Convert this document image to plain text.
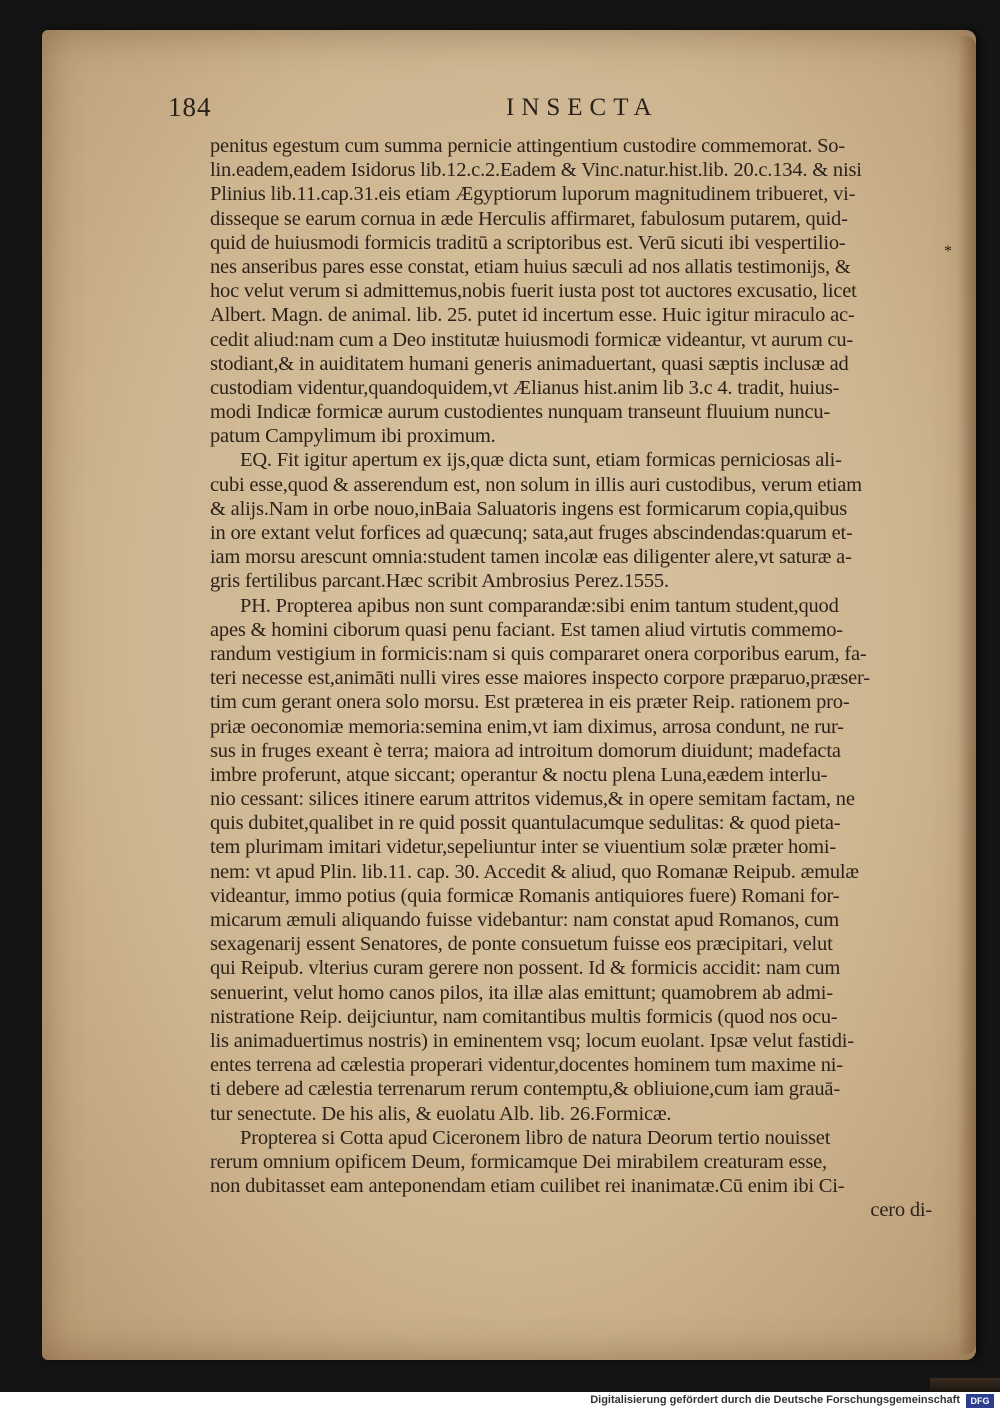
184	INSECTA
*
penitus egestum cum summa pernicie attingentium custodire commemorat. So-
lin.eadem,eadem Isidorus lib.12.c.2.Eadem & Vinc.natur.hist.lib. 20.c.134. & nisi
Plinius lib.11.cap.31.eis etiam Ægyptiorum luporum magnitudinem tribueret, vi-
disseque se earum cornua in æde Herculis affirmaret, fabulosum putarem, quid-
quid de huiusmodi formicis traditū a scriptoribus est. Verū sicuti ibi vespertilio-
nes anseribus pares esse constat, etiam huius sæculi ad nos allatis testimonijs, &
hoc velut verum si admittemus,nobis fuerit iusta post tot auctores excusatio, licet
Albert. Magn. de animal. lib. 25. putet id incertum esse. Huic igitur miraculo ac-
cedit aliud:nam cum a Deo institutæ huiusmodi formicæ videantur, vt aurum cu-
stodiant,& in auiditatem humani generis animaduertant, quasi sæptis inclusæ ad
custodiam videntur,quandoquidem,vt Ælianus hist.anim lib 3.c 4. tradit, huius-
modi Indicæ formicæ aurum custodientes nunquam transeunt fluuium nuncu-
patum Campylimum ibi proximum.
EQ. Fit igitur apertum ex ijs,quæ dicta sunt, etiam formicas perniciosas ali-
cubi esse,quod & asserendum est, non solum in illis auri custodibus, verum etiam
& alijs.Nam in orbe nouo,inBaia Saluatoris ingens est formicarum copia,quibus
in ore extant velut forfices ad quæcunq; sata,aut fruges abscindendas:quarum et-
iam morsu arescunt omnia:student tamen incolæ eas diligenter alere,vt saturæ a-
gris fertilibus parcant.Hæc scribit Ambrosius Perez.1555.
PH. Propterea apibus non sunt comparandæ:sibi enim tantum student,quod
apes & homini ciborum quasi penu faciant. Est tamen aliud virtutis commemo-
randum vestigium in formicis:nam si quis compararet onera corporibus earum, fa-
teri necesse est,animāti nulli vires esse maiores inspecto corpore præparuo,præser-
tim cum gerant onera solo morsu. Est præterea in eis præter Reip. rationem pro-
priæ oeconomiæ memoria:semina enim,vt iam diximus, arrosa condunt, ne rur-
sus in fruges exeant è terra; maiora ad introitum domorum diuidunt; madefacta
imbre proferunt, atque siccant; operantur & noctu plena Luna,eædem interlu-
nio cessant: silices itinere earum attritos videmus,& in opere semitam factam, ne
quis dubitet,qualibet in re quid possit quantulacumque sedulitas: & quod pieta-
tem plurimam imitari videtur,sepeliuntur inter se viuentium solæ præter homi-
nem: vt apud Plin. lib.11. cap. 30. Accedit & aliud, quo Romanæ Reipub. æmulæ
videantur, immo potius (quia formicæ Romanis antiquiores fuere) Romani for-
micarum æmuli aliquando fuisse videbantur: nam constat apud Romanos, cum
sexagenarij essent Senatores, de ponte consuetum fuisse eos præcipitari, velut
qui Reipub. vlterius curam gerere non possent. Id & formicis accidit: nam cum
senuerint, velut homo canos pilos, ita illæ alas emittunt; quamobrem ab admi-
nistratione Reip. deijciuntur, nam comitantibus multis formicis (quod nos ocu-
lis animaduertimus nostris) in eminentem vsq; locum euolant. Ipsæ velut fastidi-
entes terrena ad cælestia properari videntur,docentes hominem tum maxime ni-
ti debere ad cælestia terrenarum rerum contemptu,& obliuione,cum iam grauā-
tur senectute. De his alis, & euolatu Alb. lib. 26.Formicæ.
Propterea si Cotta apud Ciceronem libro de natura Deorum tertio nouisset
rerum omnium opificem Deum, formicamque Dei mirabilem creaturam esse,
non dubitasset eam anteponendam etiam cuilibet rei inanimatæ.Cū enim ibi Ci-
cero di-
Digitalisierung gefördert durch die Deutsche Forschungsgemeinschaft	DFG
